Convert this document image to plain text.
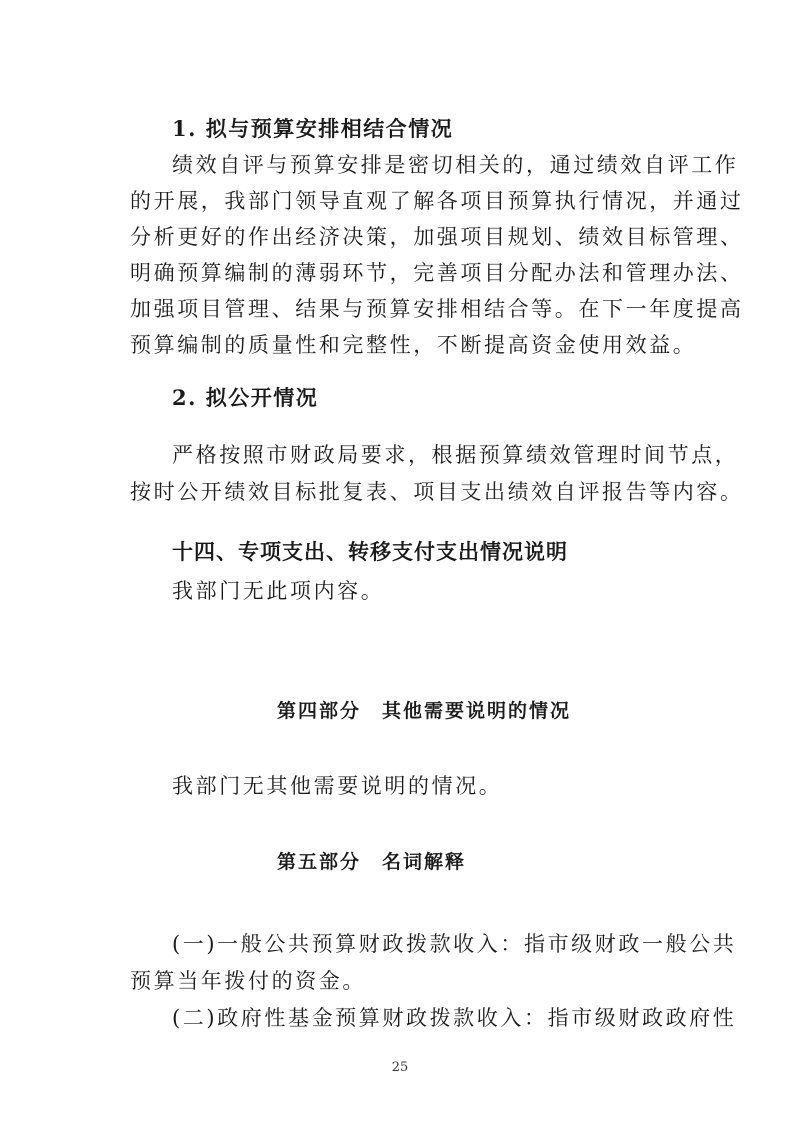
1. 拟与预算安排相结合情况
绩效自评与预算安排是密切相关的，通过绩效自评工作
的开展，我部门领导直观了解各项目预算执行情况，并通过
分析更好的作出经济决策，加强项目规划、绩效目标管理、
明确预算编制的薄弱环节，完善项目分配办法和管理办法、
加强项目管理、结果与预算安排相结合等。在下一年度提高
预算编制的质量性和完整性，不断提高资金使用效益。
2. 拟公开情况
严格按照市财政局要求，根据预算绩效管理时间节点，
按时公开绩效目标批复表、项目支出绩效自评报告等内容。
十四、专项支出、转移支付支出情况说明
我部门无此项内容。
第四部分　其他需要说明的情况
我部门无其他需要说明的情况。
第五部分　名词解释
(一)一般公共预算财政拨款收入：指市级财政一般公共
预算当年拨付的资金。
(二)政府性基金预算财政拨款收入：指市级财政政府性
25
